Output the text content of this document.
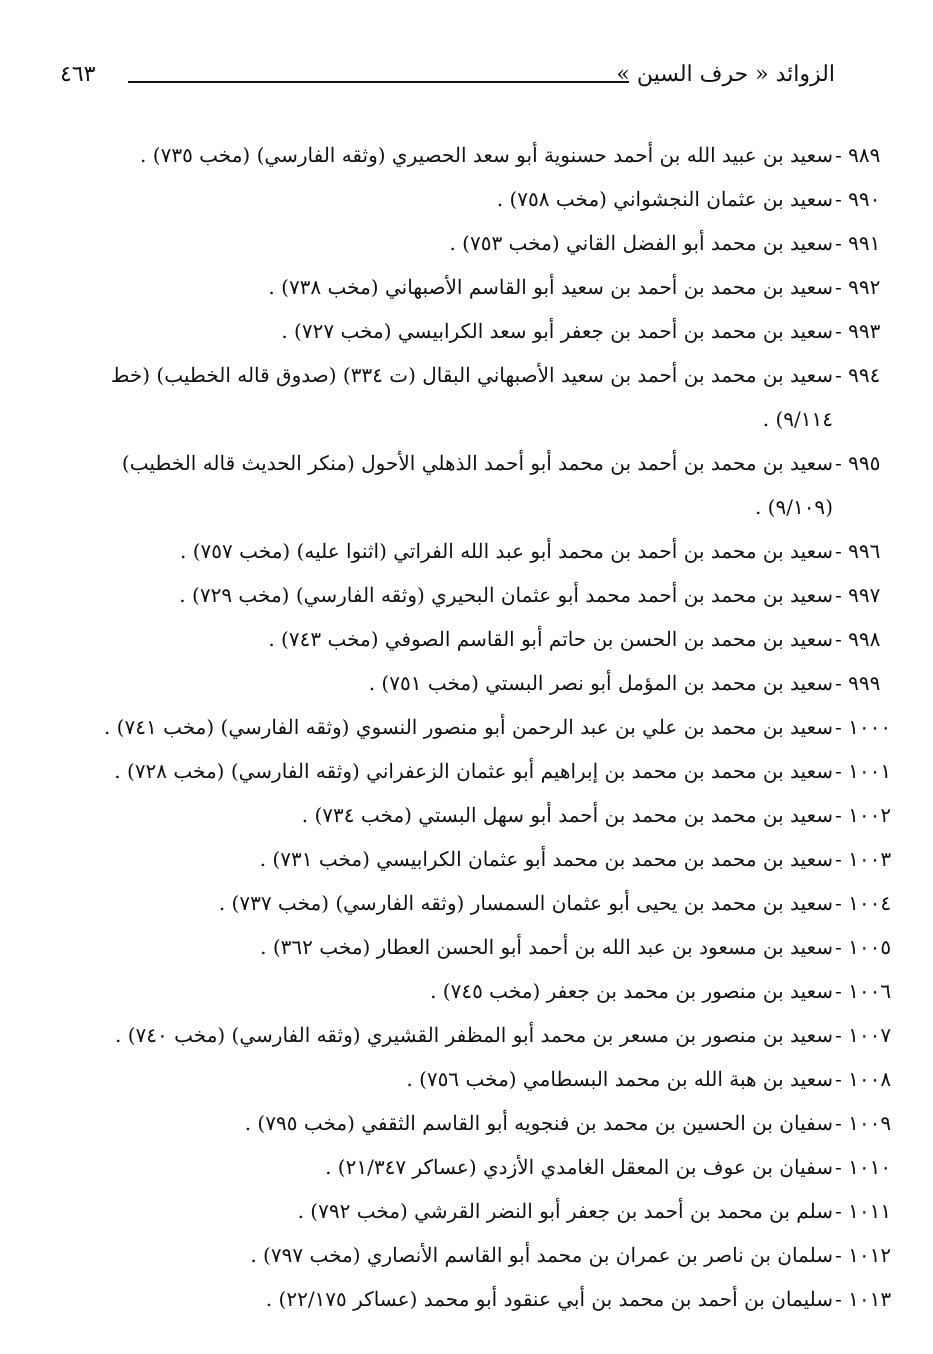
الزوائد « حرف السين »
٤٦٣
٩٨٩ -
سعيد بن عبيد الله بن أحمد حسنوية أبو سعد الحصيري (وثقه الفارسي) (مخب ٧٣٥) .
٩٩٠ -
سعيد بن عثمان النجشواني (مخب ٧٥٨) .
٩٩١ -
سعيد بن محمد أبو الفضل القاني (مخب ٧٥٣) .
٩٩٢ -
سعيد بن محمد بن أحمد بن سعيد أبو القاسم الأصبهاني (مخب ٧٣٨) .
٩٩٣ -
سعيد بن محمد بن أحمد بن جعفر أبو سعد الكرابيسي (مخب ٧٢٧) .
٩٩٤ -
سعيد بن محمد بن أحمد بن سعيد الأصبهاني البقال (ت ٣٣٤) (صدوق قاله الخطيب) (خط ٩/١١٤) .
٩٩٥ -
سعيد بن محمد بن أحمد بن محمد أبو أحمد الذهلي الأحول (منكر الحديث قاله الخطيب) (٩/١٠٩) .
٩٩٦ -
سعيد بن محمد بن أحمد بن محمد أبو عبد الله الفراتي (اثنوا عليه) (مخب ٧٥٧) .
٩٩٧ -
سعيد بن محمد بن أحمد محمد أبو عثمان البحيري (وثقه الفارسي) (مخب ٧٢٩) .
٩٩٨ -
سعيد بن محمد بن الحسن بن حاتم أبو القاسم الصوفي (مخب ٧٤٣) .
٩٩٩ -
سعيد بن محمد بن المؤمل أبو نصر البستي (مخب ٧٥١) .
١٠٠٠ -
سعيد بن محمد بن علي بن عبد الرحمن أبو منصور النسوي (وثقه الفارسي) (مخب ٧٤١) .
١٠٠١ -
سعيد بن محمد بن محمد بن إبراهيم أبو عثمان الزعفراني (وثقه الفارسي) (مخب ٧٢٨) .
١٠٠٢ -
سعيد بن محمد بن محمد بن أحمد أبو سهل البستي (مخب ٧٣٤) .
١٠٠٣ -
سعيد بن محمد بن محمد بن محمد أبو عثمان الكرابيسي (مخب ٧٣١) .
١٠٠٤ -
سعيد بن محمد بن يحيى أبو عثمان السمسار (وثقه الفارسي) (مخب ٧٣٧) .
١٠٠٥ -
سعيد بن مسعود بن عبد الله بن أحمد أبو الحسن العطار (مخب ٣٦٢) .
١٠٠٦ -
سعيد بن منصور بن محمد بن جعفر (مخب ٧٤٥) .
١٠٠٧ -
سعيد بن منصور بن مسعر بن محمد أبو المظفر القشيري (وثقه الفارسي) (مخب ٧٤٠) .
١٠٠٨ -
سعيد بن هبة الله بن محمد البسطامي (مخب ٧٥٦) .
١٠٠٩ -
سفيان بن الحسين بن محمد بن فنجويه أبو القاسم الثقفي (مخب ٧٩٥) .
١٠١٠ -
سفيان بن عوف بن المعقل الغامدي الأزدي (عساكر ٢١/٣٤٧) .
١٠١١ -
سلم بن محمد بن أحمد بن جعفر أبو النضر القرشي (مخب ٧٩٢) .
١٠١٢ -
سلمان بن ناصر بن عمران بن محمد أبو القاسم الأنصاري (مخب ٧٩٧) .
١٠١٣ -
سليمان بن أحمد بن محمد بن أبي عنقود أبو محمد (عساكر ٢٢/١٧٥) .
